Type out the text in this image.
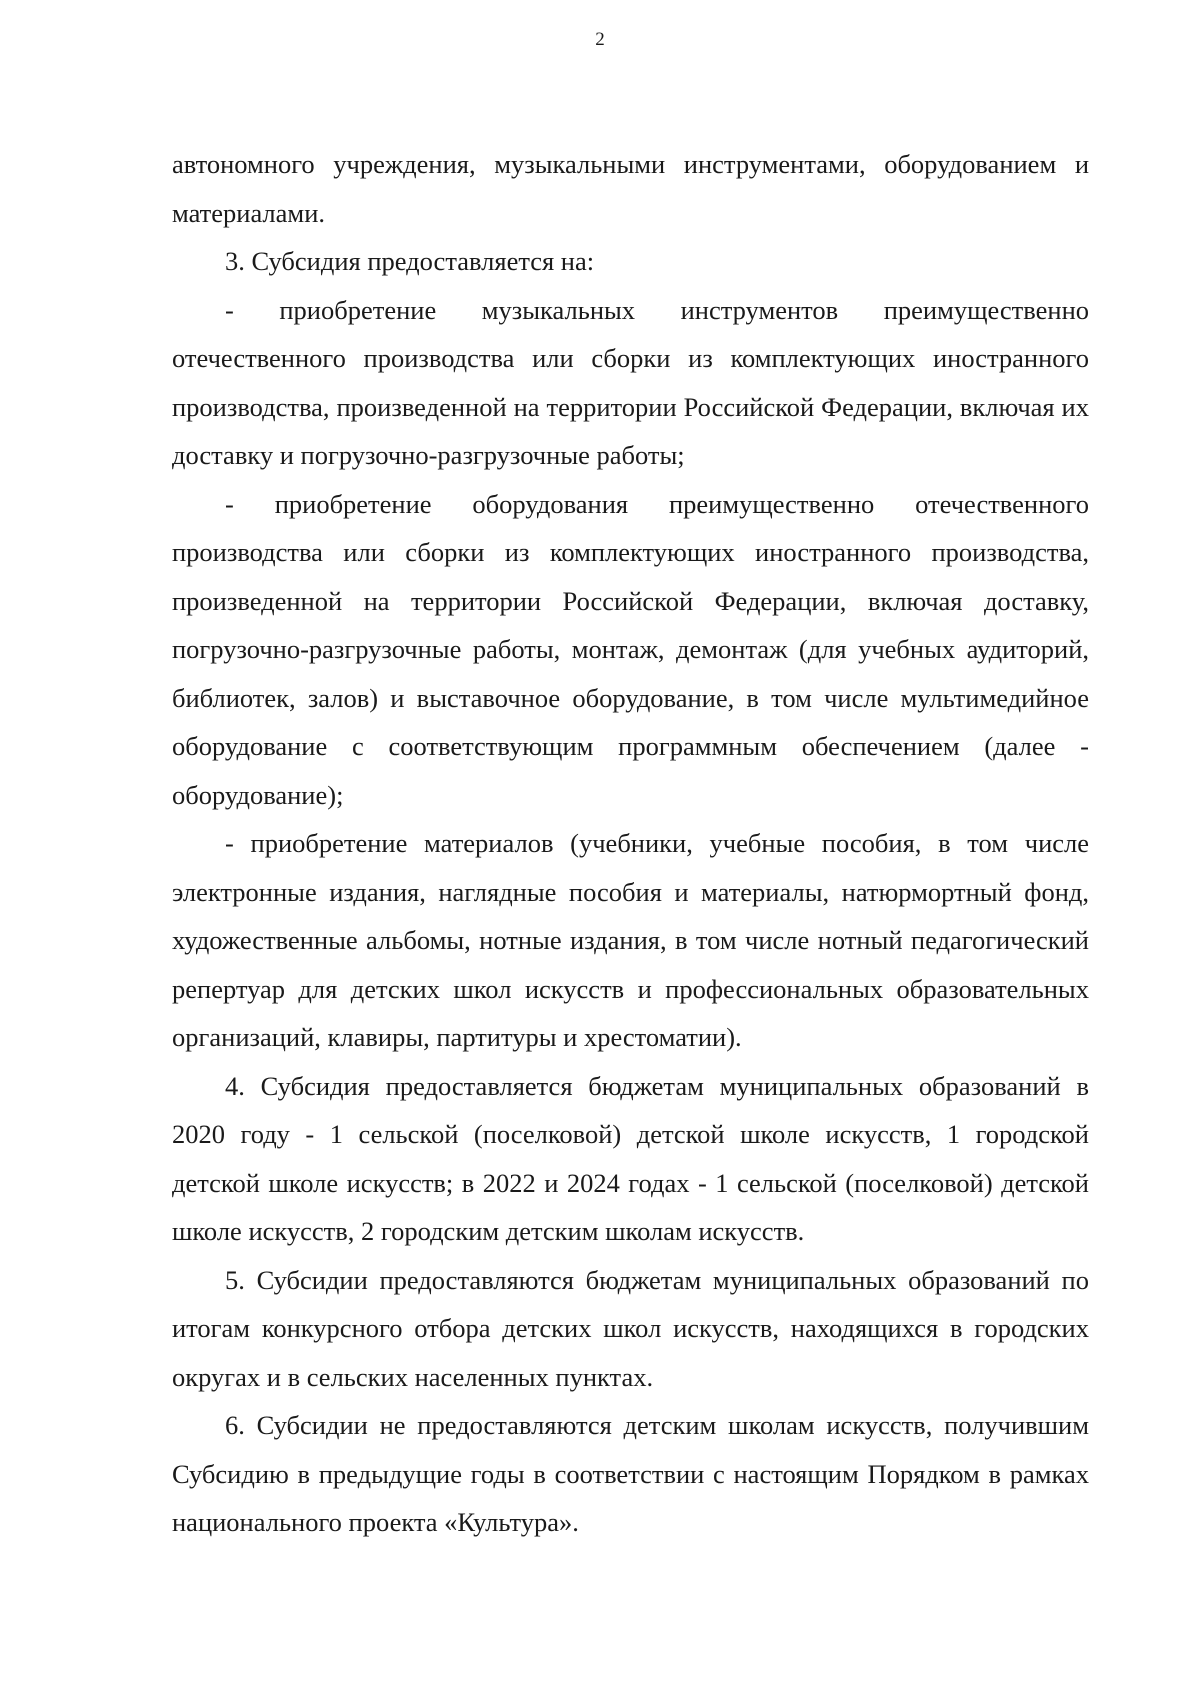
2

автономного учреждения, музыкальными инструментами, оборудованием и материалами.

3. Субсидия предоставляется на:

- приобретение музыкальных инструментов преимущественно отечественного производства или сборки из комплектующих иностранного производства, произведенной на территории Российской Федерации, включая их доставку и погрузочно-разгрузочные работы;

- приобретение оборудования преимущественно отечественного производства или сборки из комплектующих иностранного производства, произведенной на территории Российской Федерации, включая доставку, погрузочно-разгрузочные работы, монтаж, демонтаж (для учебных аудиторий, библиотек, залов) и выставочное оборудование, в том числе мультимедийное оборудование с соответствующим программным обеспечением (далее - оборудование);

- приобретение материалов (учебники, учебные пособия, в том числе электронные издания, наглядные пособия и материалы, натюрмортный фонд, художественные альбомы, нотные издания, в том числе нотный педагогический репертуар для детских школ искусств и профессиональных образовательных организаций, клавиры, партитуры и хрестоматии).

4. Субсидия предоставляется бюджетам муниципальных образований в 2020 году - 1 сельской (поселковой) детской школе искусств, 1 городской детской школе искусств; в 2022 и 2024 годах - 1 сельской (поселковой) детской школе искусств, 2 городским детским школам искусств.

5. Субсидии предоставляются бюджетам муниципальных образований по итогам конкурсного отбора детских школ искусств, находящихся в городских округах и в сельских населенных пунктах.

6. Субсидии не предоставляются детским школам искусств, получившим Субсидию в предыдущие годы в соответствии с настоящим Порядком в рамках национального проекта «Культура».
